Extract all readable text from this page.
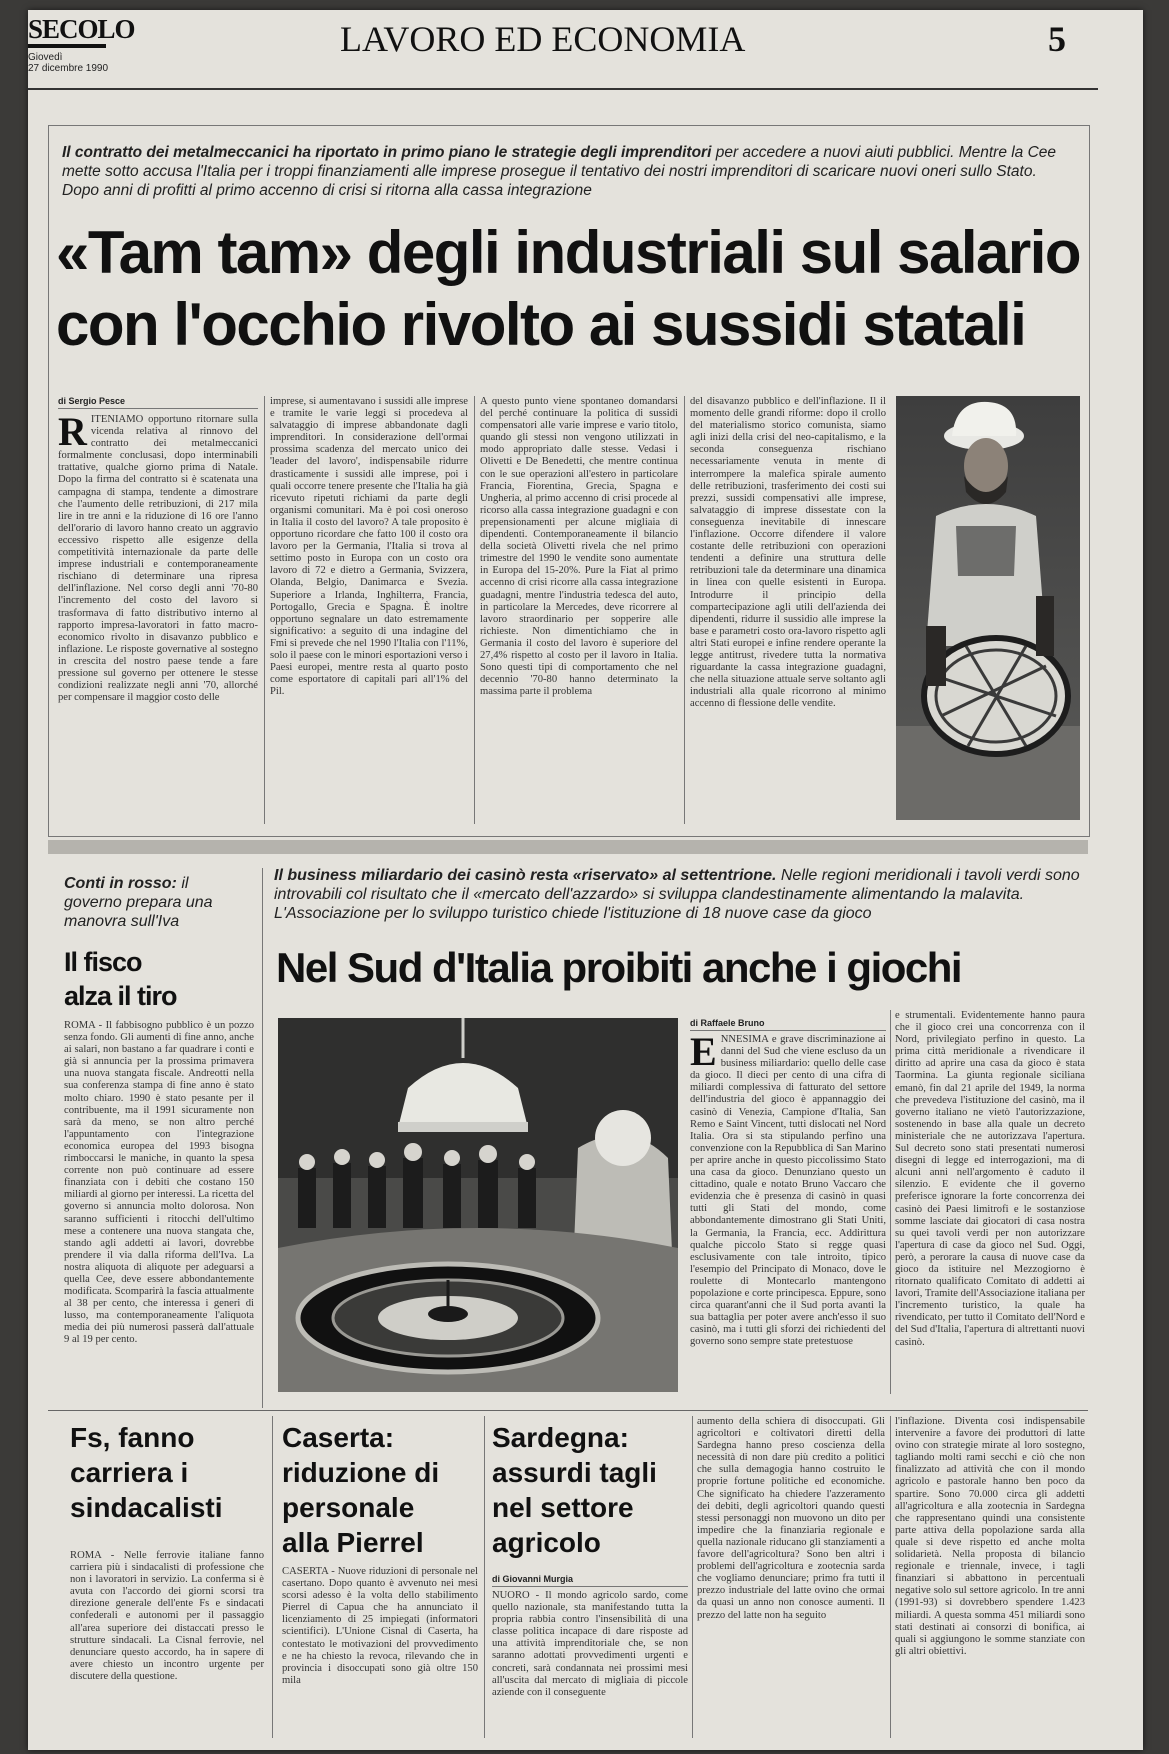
SECOLO
Giovedì
27 dicembre 1990
LAVORO ED ECONOMIA	5
Il contratto dei metalmeccanici ha riportato in primo piano le strategie degli imprenditori per accedere a nuovi aiuti pubblici. Mentre la Cee mette sotto accusa l'Italia per i troppi finanziamenti alle imprese prosegue il tentativo dei nostri imprenditori di scaricare nuovi oneri sullo Stato. Dopo anni di profitti al primo accenno di crisi si ritorna alla cassa integrazione
«Tam tam» degli industriali sul salario
con l'occhio rivolto ai sussidi statali
di Sergio Pesce
RITENIAMO opportuno ritornare sulla vicenda relativa al rinnovo del contratto dei metalmeccanici formalmente conclusasi, dopo interminabili trattative, qualche giorno prima di Natale. Dopo la firma del contratto si è scatenata una campagna di stampa, tendente a dimostrare che l'aumento delle retribuzioni, di 217 mila lire in tre anni e la riduzione di 16 ore l'anno dell'orario di lavoro hanno creato un aggravio eccessivo rispetto alle esigenze della competitività internazionale da parte delle imprese industriali e contemporaneamente rischiano di determinare una ripresa dell'inflazione. Nel corso degli anni '70-80 l'incremento del costo del lavoro si trasformava di fatto distributivo interno al rapporto impresa-lavoratori in fatto macro-economico rivolto in disavanzo pubblico e inflazione. Le risposte governative al sostegno in crescita del nostro paese tende a fare pressione sul governo per ottenere le stesse condizioni realizzate negli anni '70, allorché per compensare il maggior costo delle
imprese, si aumentavano i sussidi alle imprese e tramite le varie leggi si procedeva al salvataggio di imprese abbandonate dagli imprenditori. In considerazione dell'ormai prossima scadenza del mercato unico dei 'leader del lavoro', indispensabile ridurre drasticamente i sussidi alle imprese, poi i quali occorre tenere presente che l'Italia ha già ricevuto ripetuti richiami da parte degli organismi comunitari. Ma è poi così oneroso in Italia il costo del lavoro? A tale proposito è opportuno ricordare che fatto 100 il costo ora lavoro per la Germania, l'Italia si trova al settimo posto in Europa con un costo ora lavoro di 72 e dietro a Germania, Svizzera, Olanda, Belgio, Danimarca e Svezia. Superiore a Irlanda, Inghilterra, Francia, Portogallo, Grecia e Spagna. È inoltre opportuno segnalare un dato estremamente significativo: a seguito di una indagine del Fmi si prevede che nel 1990 l'Italia con l'11%, solo il paese con le minori esportazioni verso i Paesi europei, mentre resta al quarto posto come esportatore di capitali pari all'1% del Pil.
A questo punto viene spontaneo domandarsi del perché continuare la politica di sussidi compensatori alle varie imprese e vario titolo, quando gli stessi non vengono utilizzati in modo appropriato dalle stesse. Vedasi i Olivetti e De Benedetti, che mentre continua con le sue operazioni all'estero in particolare Francia, Fiorentina, Grecia, Spagna e Ungheria, al primo accenno di crisi procede al ricorso alla cassa integrazione guadagni e con prepensionamenti per alcune migliaia di dipendenti. Contemporaneamente il bilancio della società Olivetti rivela che nel primo trimestre del 1990 le vendite sono aumentate in Europa del 15-20%. Pure la Fiat al primo accenno di crisi ricorre alla cassa integrazione guadagni, mentre l'industria tedesca del auto, in particolare la Mercedes, deve ricorrere al lavoro straordinario per sopperire alle richieste. Non dimentichiamo che in Germania il costo del lavoro è superiore del 27,4% rispetto al costo per il lavoro in Italia. Sono questi tipi di comportamento che nel decennio '70-80 hanno determinato la massima parte il problema
del disavanzo pubblico e dell'inflazione. Il il momento delle grandi riforme: dopo il crollo del materialismo storico comunista, siamo agli inizi della crisi del neo-capitalismo, e la seconda conseguenza rischiano necessariamente venuta in mente di interrompere la malefica spirale aumento delle retribuzioni, trasferimento dei costi sui prezzi, sussidi compensativi alle imprese, salvataggio di imprese dissestate con la conseguenza inevitabile di innescare l'inflazione. Occorre difendere il valore costante delle retribuzioni con operazioni tendenti a definire una struttura delle retribuzioni tale da determinare una dinamica in linea con quelle esistenti in Europa. Introdurre il principio della compartecipazione agli utili dell'azienda dei dipendenti, ridurre il sussidio alle imprese la base e parametri costo ora-lavoro rispetto agli altri Stati europei e infine rendere operante la legge antitrust, rivedere tutta la normativa riguardante la cassa integrazione guadagni, che nella situazione attuale serve soltanto agli industriali alla quale ricorrono al minimo accenno di flessione delle vendite.
Conti in rosso: il governo prepara una manovra sull'Iva
Il fisco
alza il tiro
ROMA - Il fabbisogno pubblico è un pozzo senza fondo. Gli aumenti di fine anno, anche ai salari, non bastano a far quadrare i conti e già si annuncia per la prossima primavera una nuova stangata fiscale. Andreotti nella sua conferenza stampa di fine anno è stato molto chiaro. 1990 è stato pesante per il contribuente, ma il 1991 sicuramente non sarà da meno, se non altro perché l'appuntamento con l'integrazione economica europea del 1993 bisogna rimboccarsi le maniche, in quanto la spesa corrente non può continuare ad essere finanziata con i debiti che costano 150 miliardi al giorno per interessi. La ricetta del governo si annuncia molto dolorosa. Non saranno sufficienti i ritocchi dell'ultimo mese a contenere una nuova stangata che, stando agli addetti ai lavori, dovrebbe prendere il via dalla riforma dell'Iva. La nostra aliquota di aliquote per adeguarsi a quella Cee, deve essere abbondantemente modificata. Scomparirà la fascia attualmente al 38 per cento, che interessa i generi di lusso, ma contemporaneamente l'aliquota media dei più numerosi passerà dall'attuale 9 al 19 per cento.
Il business miliardario dei casinò resta «riservato» al settentrione. Nelle regioni meridionali i tavoli verdi sono introvabili col risultato che il «mercato dell'azzardo» si sviluppa clandestinamente alimentando la malavita. L'Associazione per lo sviluppo turistico chiede l'istituzione di 18 nuove case da gioco
Nel Sud d'Italia proibiti anche i giochi
di Raffaele Bruno
ENNESIMA e grave discriminazione ai danni del Sud che viene escluso da un business miliardario: quello delle case da gioco. Il dieci per cento di una cifra di miliardi complessiva di fatturato del settore dell'industria del gioco è appannaggio dei casinò di Venezia, Campione d'Italia, San Remo e Saint Vincent, tutti dislocati nel Nord Italia. Ora si sta stipulando perfino una convenzione con la Repubblica di San Marino per aprire anche in questo piccolissimo Stato una casa da gioco. Denunziano questo un cittadino, quale e notato Bruno Vaccaro che evidenzia che è presenza di casinò in quasi tutti gli Stati del mondo, come abbondantemente dimostrano gli Stati Uniti, la Germania, la Francia, ecc. Addirittura qualche piccolo Stato si regge quasi esclusivamente con tale introito, tipico l'esempio del Principato di Monaco, dove le roulette di Montecarlo mantengono popolazione e corte principesca. Eppure, sono circa quarant'anni che il Sud porta avanti la sua battaglia per poter avere anch'esso il suo casinò, ma i tutti gli sforzi dei richiedenti del governo sono sempre state pretestuose
e strumentali. Evidentemente hanno paura che il gioco crei una concorrenza con il Nord, privilegiato perfino in questo. La prima città meridionale a rivendicare il diritto ad aprire una casa da gioco è stata Taormina. La giunta regionale siciliana emanò, fin dal 21 aprile del 1949, la norma che prevedeva l'istituzione del casinò, ma il governo italiano ne vietò l'autorizzazione, sostenendo in base alla quale un decreto ministeriale che ne autorizzava l'apertura. Sul decreto sono stati presentati numerosi disegni di legge ed interrogazioni, ma di alcuni anni nell'argomento è caduto il silenzio. E evidente che il governo preferisce ignorare la forte concorrenza dei casinò dei Paesi limitrofi e le sostanziose somme lasciate dai giocatori di casa nostra su quei tavoli verdi per non autorizzare l'apertura di case da gioco nel Sud. Oggi, però, a perorare la causa di nuove case da gioco da istituire nel Mezzogiorno è ritornato qualificato Comitato di addetti ai lavori, Tramite dell'Associazione italiana per l'incremento turistico, la quale ha rivendicato, per tutto il Comitato dell'Nord e del Sud d'Italia, l'apertura di altrettanti nuovi casinò.
Fs, fanno carriera i sindacalisti
ROMA - Nelle ferrovie italiane fanno carriera più i sindacalisti di professione che non i lavoratori in servizio. La conferma si è avuta con l'accordo dei giorni scorsi tra direzione generale dell'ente Fs e sindacati confederali e autonomi per il passaggio all'area superiore dei distaccati presso le strutture sindacali. La Cisnal ferrovie, nel denunciare questo accordo, ha in sapere di avere chiesto un incontro urgente per discutere della questione.
Caserta: riduzione di personale alla Pierrel
CASERTA - Nuove riduzioni di personale nel casertano. Dopo quanto è avvenuto nei mesi scorsi adesso è la volta dello stabilimento Pierrel di Capua che ha annunciato il licenziamento di 25 impiegati (informatori scientifici). L'Unione Cisnal di Caserta, ha contestato le motivazioni del provvedimento e ne ha chiesto la revoca, rilevando che in provincia i disoccupati sono già oltre 150 mila
Sardegna: assurdi tagli nel settore agricolo
di Giovanni Murgia
NUORO - Il mondo agricolo sardo, come quello nazionale, sta manifestando tutta la propria rabbia contro l'insensibilità di una classe politica incapace di dare risposte ad una attività imprenditoriale che, se non saranno adottati provvedimenti urgenti e concreti, sarà condannata nei prossimi mesi all'uscita dal mercato di migliaia di piccole aziende con il conseguente
aumento della schiera di disoccupati. Gli agricoltori e coltivatori diretti della Sardegna hanno preso coscienza della necessità di non dare più credito a politici che sulla demagogia hanno costruito le proprie fortune politiche ed economiche. Che significato ha chiedere l'azzeramento dei debiti, degli agricoltori quando questi stessi personaggi non muovono un dito per impedire che la finanziaria regionale e quella nazionale riducano gli stanziamenti a favore dell'agricoltura? Sono ben altri i problemi dell'agricoltura e zootecnia sarda che vogliamo denunciare; primo fra tutti il prezzo industriale del latte ovino che ormai da quasi un anno non conosce aumenti. Il prezzo del latte non ha seguito
l'inflazione. Diventa così indispensabile intervenire a favore dei produttori di latte ovino con strategie mirate al loro sostegno, tagliando molti rami secchi e ciò che non finalizzato ad attività che con il mondo agricolo e pastorale hanno ben poco da spartire. Sono 70.000 circa gli addetti all'agricoltura e alla zootecnia in Sardegna che rappresentano quindi una consistente parte attiva della popolazione sarda alla quale si deve rispetto ed anche molta solidarietà. Nella proposta di bilancio regionale e triennale, invece, i tagli finanziari si abbattono in percentuali negative solo sul settore agricolo. In tre anni (1991-93) si dovrebbero spendere 1.423 miliardi. A questa somma 451 miliardi sono stati destinati ai consorzi di bonifica, ai quali si aggiungono le somme stanziate con gli altri obiettivi.
